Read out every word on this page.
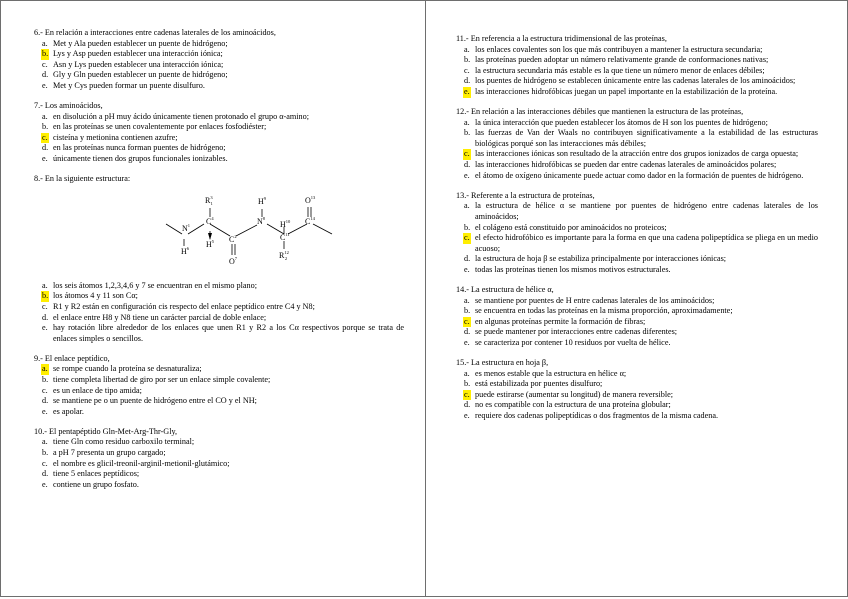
6.- En relación a interacciones entre cadenas laterales de los aminoácidos,
a. Met y Ala pueden establecer un puente de hidrógeno;
b. Lys y Asp pueden establecer una interacción iónica;
c. Asn y Lys pueden establecer una interacción iónica;
d. Gly y Gln pueden establecer un puente de hidrógeno;
e. Met y Cys pueden formar un puente disulfuro.
7.- Los aminoácidos,
a. en disolución a pH muy ácido únicamente tienen protonado el grupo α-amino;
b. en las proteínas se unen covalentemente por enlaces fosfodiéster;
c. cisteína y metionina contienen azufre;
d. en las proteínas nunca forman puentes de hidrógeno;
e. únicamente tienen dos grupos funcionales ionizables.
8.- En la siguiente estructura:
$N^1$
$H^6$
$C^4$
$R^3$ 1
$H^5$ $C^2$
$O^7$
$N^8$
$H^9$
$H^{10}$
$C^{11}$
$R^{12}$ 2
$C^{14}$
$O^{13}$
a. los seis átomos 1,2,3,4,6 y 7 se encuentran en el mismo plano;
b. los átomos 4 y 11 son Cα;
c. R1 y R2 están en configuración cis respecto del enlace peptídico entre C4 y N8;
d. el enlace entre H8 y N8 tiene un carácter parcial de doble enlace;
e. hay rotación libre alrededor de los enlaces que unen R1 y R2 a los Cα respectivos porque se trata de enlaces simples o sencillos.
9.- El enlace peptídico,
a. se rompe cuando la proteína se desnaturaliza;
b. tiene completa libertad de giro por ser un enlace simple covalente;
c. es un enlace de tipo amida;
d. se mantiene pe o un puente de hidrógeno entre el CO y el NH;
e. es apolar.
10.- El pentapéptido Gln-Met-Arg-Thr-Gly,
a. tiene Gln como residuo carboxilo terminal;
b. a pH 7 presenta un grupo cargado;
c. el nombre es glicil-treonil-arginil-metionil-glutámico;
d. tiene 5 enlaces peptídicos;
e. contiene un grupo fosfato.
11.- En referencia a la estructura tridimensional de las proteínas,
a. los enlaces covalentes son los que más contribuyen a mantener la estructura secundaria;
b. las proteínas pueden adoptar un número relativamente grande de conformaciones nativas;
c. la estructura secundaria más estable es la que tiene un número menor de enlaces débiles;
d. los puentes de hidrógeno se establecen únicamente entre las cadenas laterales de los aminoácidos;
e. las interacciones hidrofóbicas juegan un papel importante en la estabilización de la proteína.
12.- En relación a las interacciones débiles que mantienen la estructura de las proteínas,
a. la única interacción que pueden establecer los átomos de H son los puentes de hidrógeno;
b. las fuerzas de Van der Waals no contribuyen significativamente a la estabilidad de las estructuras biológicas porqué son las interacciones más débiles;
c. las interacciones iónicas son resultado de la atracción entre dos grupos ionizados de carga opuesta;
d. las interacciones hidrofóbicas se pueden dar entre cadenas laterales de aminoácidos polares;
e. el átomo de oxígeno únicamente puede actuar como dador en la formación de puentes de hidrógeno.
13.- Referente a la estructura de proteínas,
a. la estructura de hélice α se mantiene por puentes de hidrógeno entre cadenas laterales de los aminoácidos;
b. el colágeno está constituido por aminoácidos no proteicos;
c. el efecto hidrofóbico es importante para la forma en que una cadena polipeptídica se pliega en un medio acuoso;
d. la estructura de hoja β se estabiliza principalmente por interacciones iónicas;
e. todas las proteínas tienen los mismos motivos estructurales.
14.- La estructura de hélice α,
a. se mantiene por puentes de H entre cadenas laterales de los aminoácidos;
b. se encuentra en todas las proteínas en la misma proporción, aproximadamente;
c. en algunas proteínas permite la formación de fibras;
d. se puede mantener por interacciones entre cadenas diferentes;
e. se caracteriza por contener 10 residuos por vuelta de hélice.
15.- La estructura en hoja β,
a. es menos estable que la estructura en hélice α;
b. está estabilizada por puentes disulfuro;
c. puede estirarse (aumentar su longitud) de manera reversible;
d. no es compatible con la estructura de una proteína globular;
e. requiere dos cadenas polipeptídicas o dos fragmentos de la misma cadena.
